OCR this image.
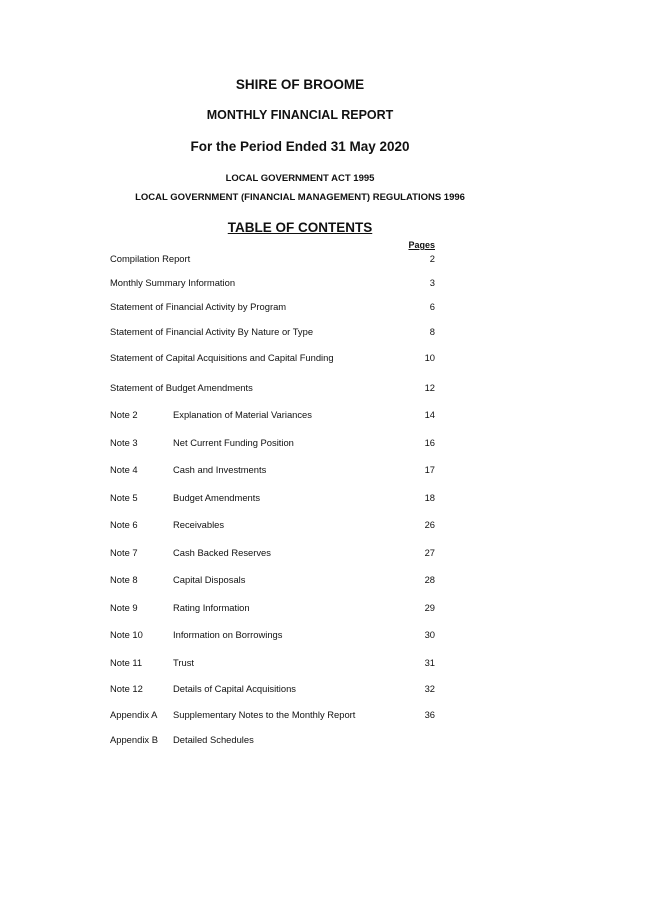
SHIRE OF BROOME
MONTHLY FINANCIAL REPORT
For the Period Ended 31 May 2020
LOCAL GOVERNMENT ACT 1995
LOCAL GOVERNMENT (FINANCIAL MANAGEMENT) REGULATIONS 1996
TABLE OF CONTENTS
Pages
Compilation Report	2
Monthly Summary Information	3
Statement of Financial Activity by Program	6
Statement of Financial Activity By Nature or Type	8
Statement of Capital Acquisitions and Capital Funding	10
Statement of Budget Amendments	12
Note 2	Explanation of Material Variances	14
Note 3	Net Current Funding Position	16
Note 4	Cash and Investments	17
Note 5	Budget Amendments	18
Note 6	Receivables	26
Note 7	Cash Backed Reserves	27
Note 8	Capital Disposals	28
Note 9	Rating Information	29
Note 10	Information on Borrowings	30
Note 11	Trust	31
Note 12	Details of Capital Acquisitions	32
Appendix A Supplementary Notes to the Monthly Report	36
Appendix B Detailed Schedules
